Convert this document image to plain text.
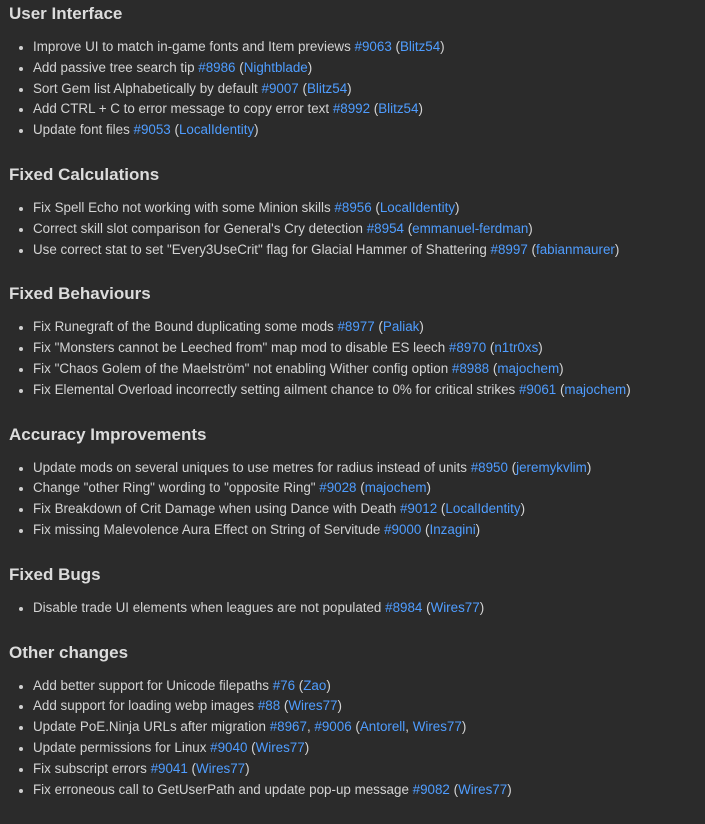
User Interface
Improve UI to match in-game fonts and Item previews #9063 (Blitz54)
Add passive tree search tip #8986 (Nightblade)
Sort Gem list Alphabetically by default #9007 (Blitz54)
Add CTRL + C to error message to copy error text #8992 (Blitz54)
Update font files #9053 (LocalIdentity)
Fixed Calculations
Fix Spell Echo not working with some Minion skills #8956 (LocalIdentity)
Correct skill slot comparison for General's Cry detection #8954 (emmanuel-ferdman)
Use correct stat to set "Every3UseCrit" flag for Glacial Hammer of Shattering #8997 (fabianmaurer)
Fixed Behaviours
Fix Runegraft of the Bound duplicating some mods #8977 (Paliak)
Fix "Monsters cannot be Leeched from" map mod to disable ES leech #8970 (n1tr0xs)
Fix "Chaos Golem of the Maelström" not enabling Wither config option #8988 (majochem)
Fix Elemental Overload incorrectly setting ailment chance to 0% for critical strikes #9061 (majochem)
Accuracy Improvements
Update mods on several uniques to use metres for radius instead of units #8950 (jeremykvlim)
Change "other Ring" wording to "opposite Ring" #9028 (majochem)
Fix Breakdown of Crit Damage when using Dance with Death #9012 (LocalIdentity)
Fix missing Malevolence Aura Effect on String of Servitude #9000 (Inzagini)
Fixed Bugs
Disable trade UI elements when leagues are not populated #8984 (Wires77)
Other changes
Add better support for Unicode filepaths #76 (Zao)
Add support for loading webp images #88 (Wires77)
Update PoE.Ninja URLs after migration #8967, #9006 (Antorell, Wires77)
Update permissions for Linux #9040 (Wires77)
Fix subscript errors #9041 (Wires77)
Fix erroneous call to GetUserPath and update pop-up message #9082 (Wires77)
